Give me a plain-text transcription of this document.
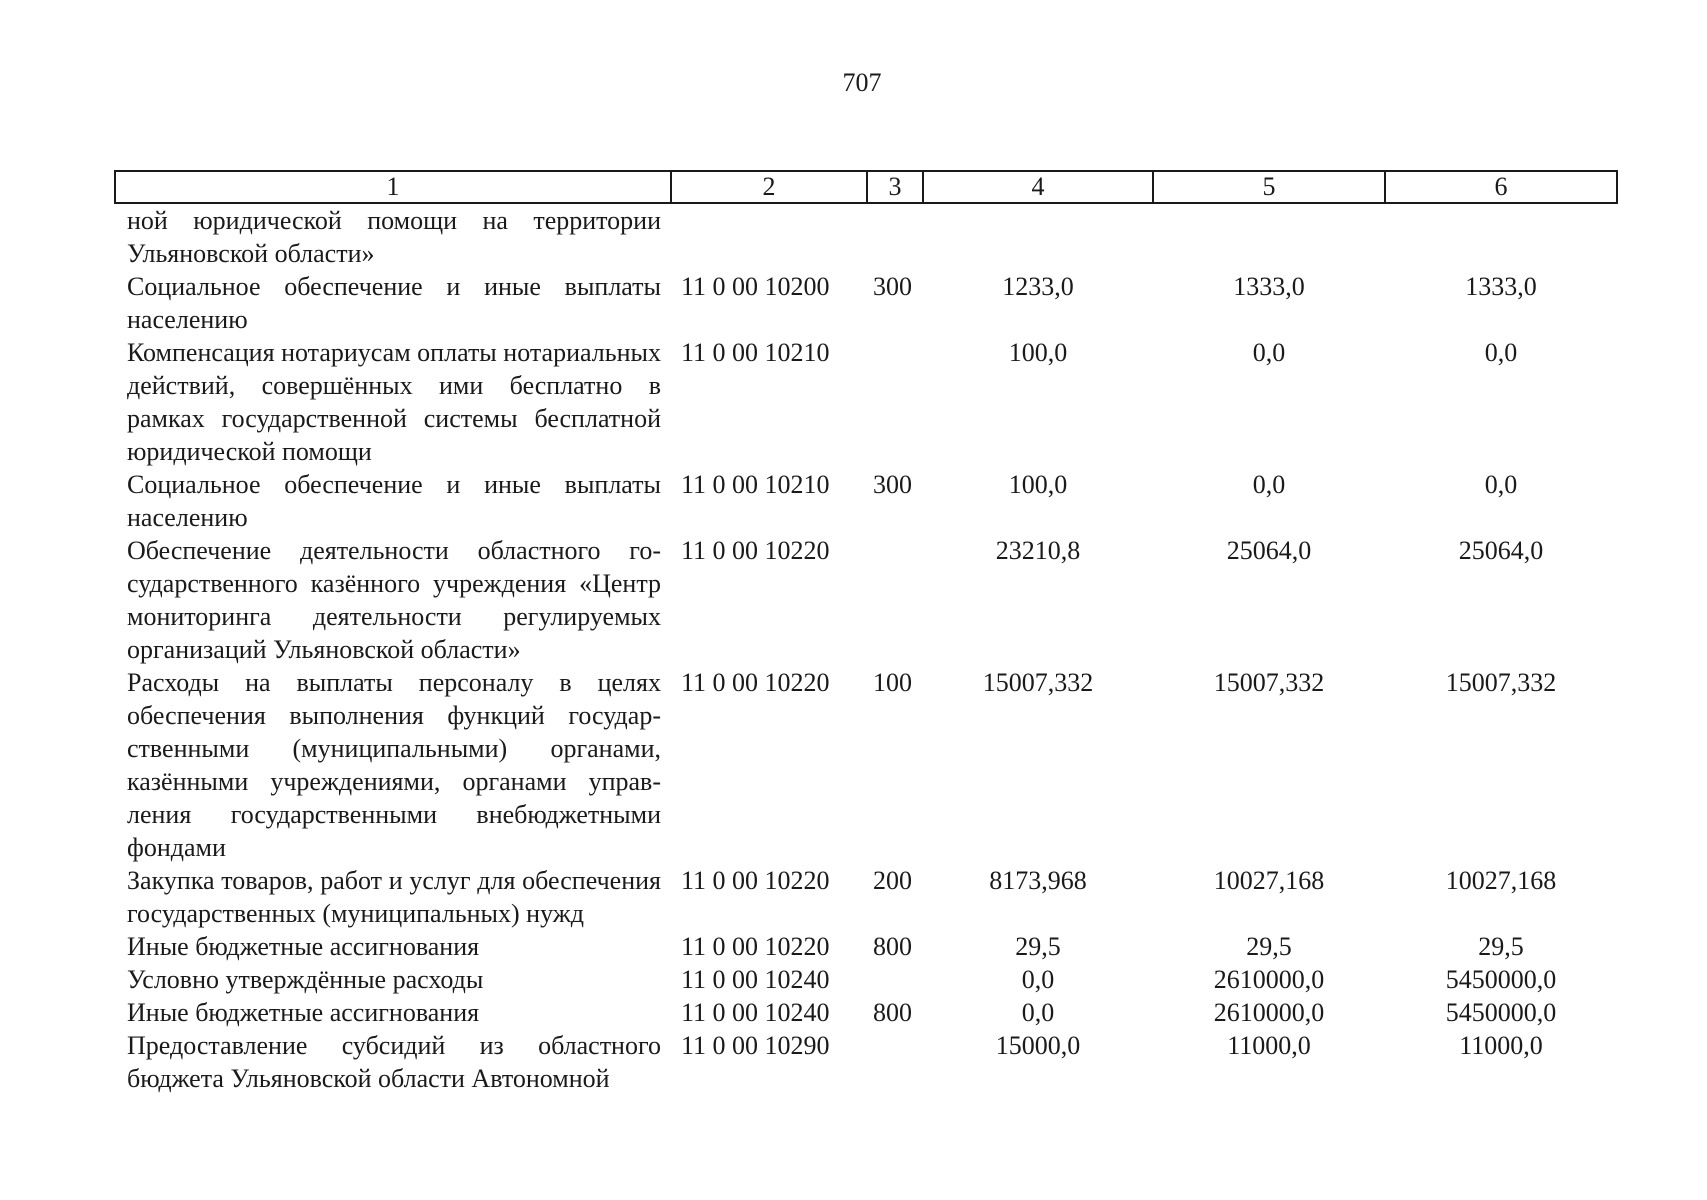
707
1	2	3	4	5	6
ной юридической помощи на территории Ульяновской области»					
Социальное обеспечение и иные выплаты населению	11 0 00 10200	300	1233,0	1333,0	1333,0
Компенсация нотариусам оплаты нотариальных действий, совершённых ими бесплатно в рамках государственной системы бесплатной юридической помощи	11 0 00 10210		100,0	0,0	0,0
Социальное обеспечение и иные выплаты населению	11 0 00 10210	300	100,0	0,0	0,0
Обеспечение деятельности областного государственного казённого учреждения «Центр мониторинга деятельности регулируемых организаций Ульяновской области»	11 0 00 10220		23210,8	25064,0	25064,0
Расходы на выплаты персоналу в целях обеспечения выполнения функций государственными (муниципальными) органами, казёнными учреждениями, органами управления государственными внебюджетными фондами	11 0 00 10220	100	15007,332	15007,332	15007,332
Закупка товаров, работ и услуг для обеспечения государственных (муниципальных) нужд	11 0 00 10220	200	8173,968	10027,168	10027,168
Иные бюджетные ассигнования	11 0 00 10220	800	29,5	29,5	29,5
Условно утверждённые расходы	11 0 00 10240		0,0	2610000,0	5450000,0
Иные бюджетные ассигнования	11 0 00 10240	800	0,0	2610000,0	5450000,0
Предоставление субсидий из областного бюджета Ульяновской области Автономной	11 0 00 10290		15000,0	11000,0	11000,0
